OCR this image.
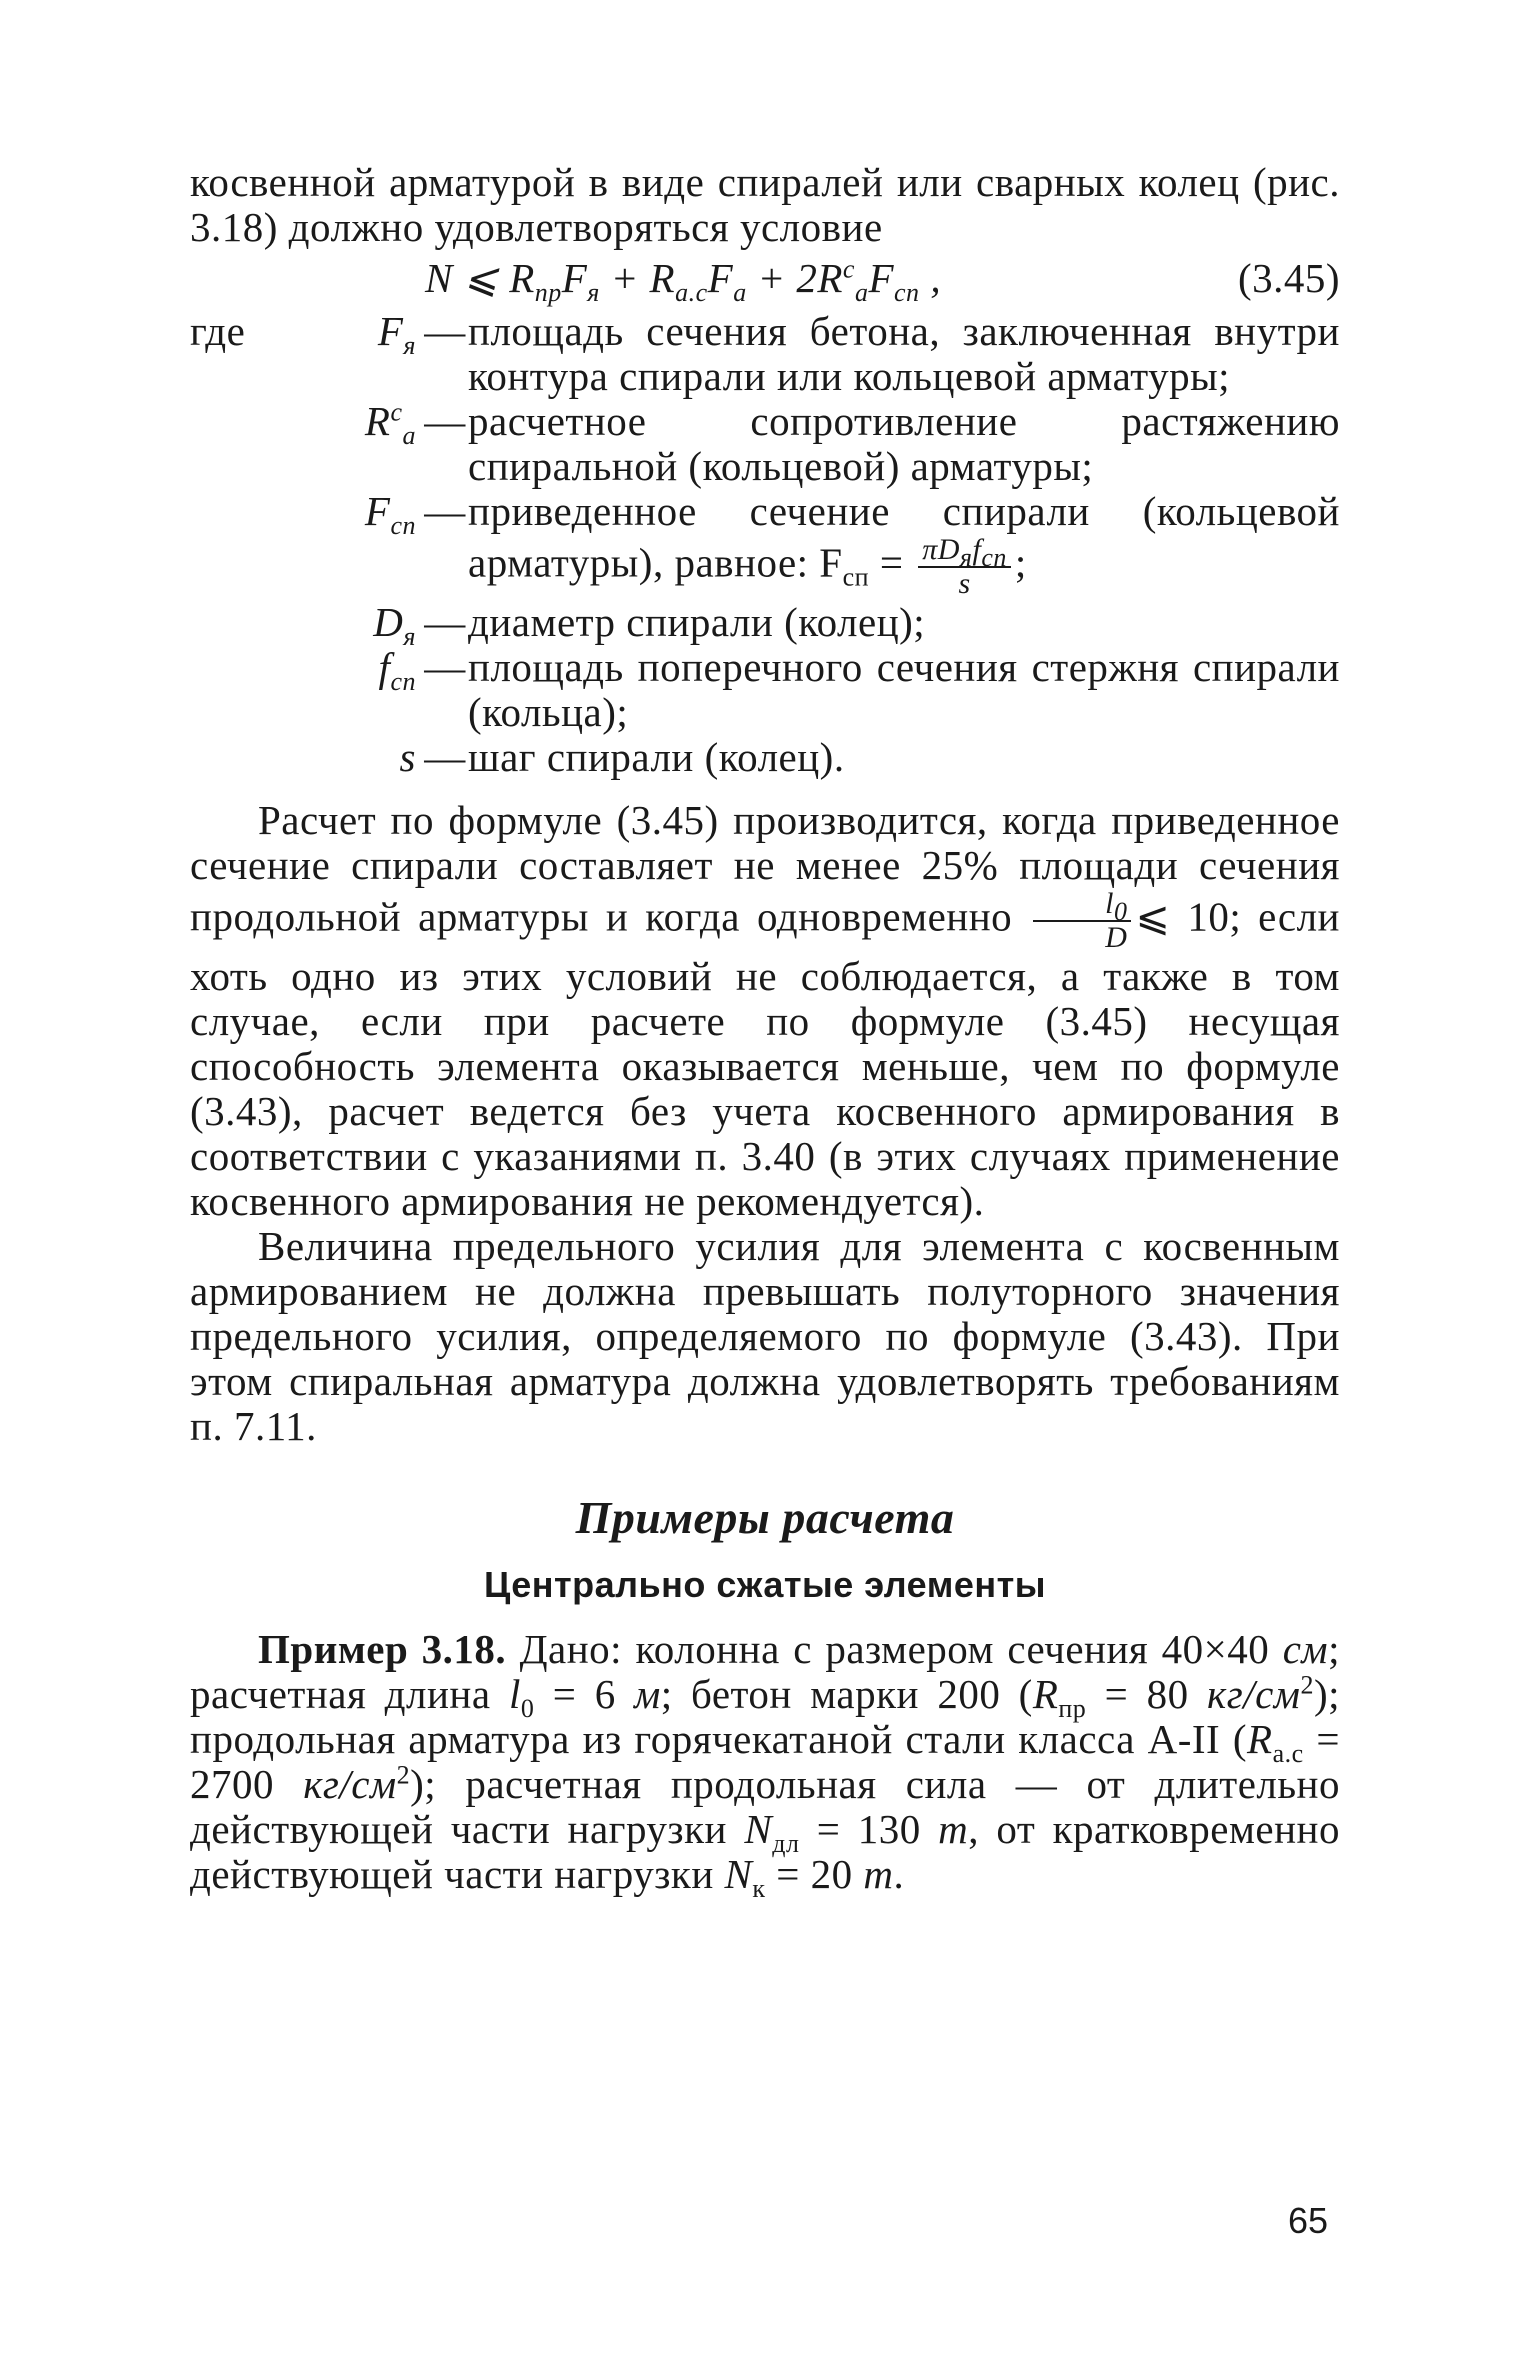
косвенной арматурой в виде спиралей или сварных колец (рис. 3.18) должно удовлетворяться условие

N ⩽ $R_{пр}F_я + R_{а.с}F_а + 2R^с_аF_{сп}$ ,	(3.45)
где	$F_я$ — площадь сечения бетона, заключенная внутри контура спирали или кольцевой арматуры;
$R^с_а$ — расчетное сопротивление растяжению спиральной (кольцевой) арматуры;
$F_{сп}$ — приведенное сечение спирали (кольцевой арматуры), равное: $F_{сп} = \frac{\pi D_яf_{сп}}{s}$ ;
$D_я$ — диаметр спирали (колец);
$f_{сп}$ — площадь поперечного сечения стержня спирали (кольца);
s — шаг спирали (колец).

Расчет по формуле (3.45) производится, когда приведенное сечение спирали составляет не менее 25% площади сечения продольной арматуры и когда одновременно $\frac{l_0}{D}$ ⩽ 10; если хоть одно из этих условий не соблюдается, а также в том случае, если при расчете по формуле (3.45) несущая способность элемента оказывается меньше, чем по формуле (3.43), расчет ведется без учета косвенного армирования в соответствии с указаниями п. 3.40 (в этих случаях применение косвенного армирования не рекомендуется).

Величина предельного усилия для элемента с косвенным армированием не должна превышать полуторного значения предельного усилия, определяемого по формуле (3.43). При этом спиральная арматура должна удовлетворять требованиям п. 7.11.

Примеры расчета
Центрально сжатые элементы

Пример 3.18. Дано: колонна с размером сечения 40×40 см; расчетная длина $l_0 = 6$ м; бетон марки 200 ($R_{пр} = 80$ $кг/см^2$); продольная арматура из горячекатаной стали класса А-II ($R_{а.с} = 2700$ $кг/см^2$); расчетная продольная сила — от длительно действующей части нагрузки $N_{дл} = 130$ т, от кратковременно действующей части нагрузки $N_к = 20$ т.

65
